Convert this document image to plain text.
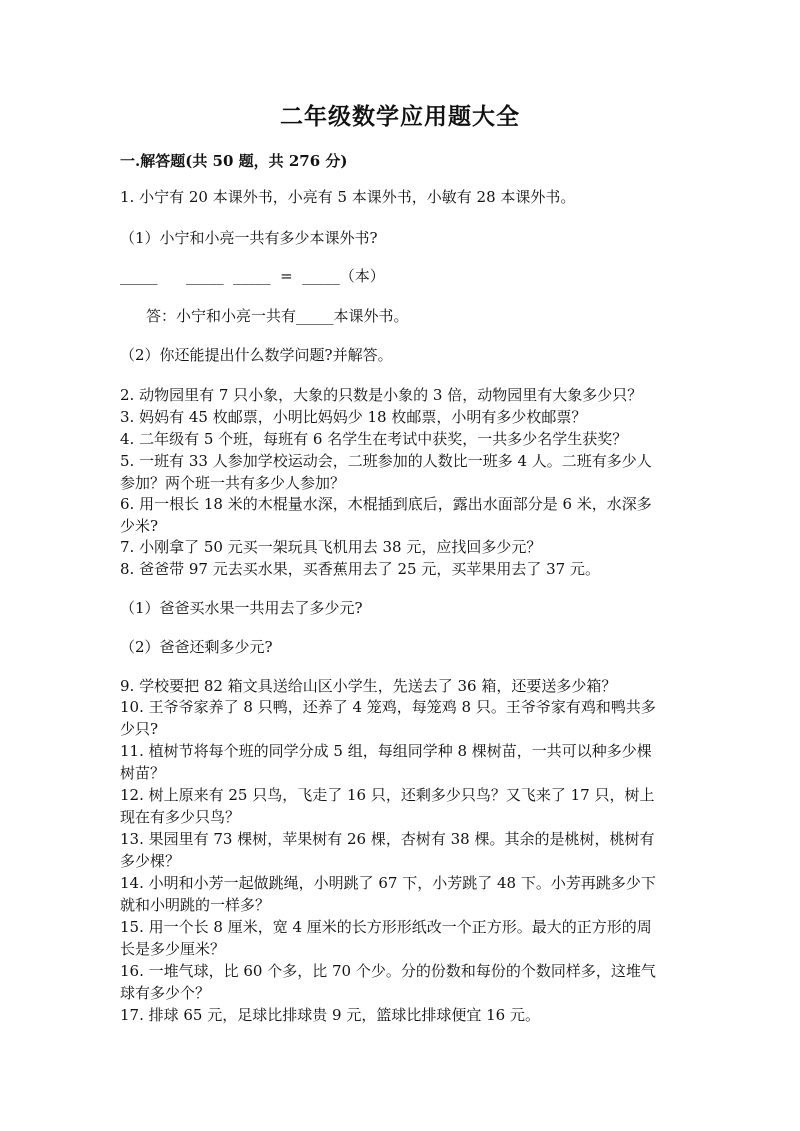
二年级数学应用题大全
一.解答题(共 50 题，共 276 分)
1. 小宁有 20 本课外书，小亮有 5 本课外书，小敏有 28 本课外书。
（1）小宁和小亮一共有多少本课外书?
_____      _____  _____  =  _____（本）
答：小宁和小亮一共有_____本课外书。
（2）你还能提出什么数学问题?并解答。
2. 动物园里有 7 只小象，大象的只数是小象的 3 倍，动物园里有大象多少只？
3. 妈妈有 45 枚邮票，小明比妈妈少 18 枚邮票，小明有多少枚邮票？
4. 二年级有 5 个班，每班有 6 名学生在考试中获奖，一共多少名学生获奖？
5. 一班有 33 人参加学校运动会，二班参加的人数比一班多 4 人。二班有多少人
参加？两个班一共有多少人参加？
6. 用一根长 18 米的木棍量水深，木棍插到底后，露出水面部分是 6 米，水深多
少米?
7. 小刚拿了 50 元买一架玩具飞机用去 38 元，应找回多少元？
8. 爸爸带 97 元去买水果，买香蕉用去了 25 元，买苹果用去了 37 元。
（1）爸爸买水果一共用去了多少元?
（2）爸爸还剩多少元?
9. 学校要把 82 箱文具送给山区小学生，先送去了 36 箱，还要送多少箱？
10. 王爷爷家养了 8 只鸭，还养了 4 笼鸡，每笼鸡 8 只。王爷爷家有鸡和鸭共多
少只?
11. 植树节将每个班的同学分成 5 组，每组同学种 8 棵树苗，一共可以种多少棵
树苗？
12. 树上原来有 25 只鸟，飞走了 16 只，还剩多少只鸟？又飞来了 17 只，树上
现在有多少只鸟？
13. 果园里有 73 棵树，苹果树有 26 棵，杏树有 38 棵。其余的是桃树，桃树有
多少棵？
14. 小明和小芳一起做跳绳，小明跳了 67 下，小芳跳了 48 下。小芳再跳多少下
就和小明跳的一样多？
15. 用一个长 8 厘米，宽 4 厘米的长方形形纸改一个正方形。最大的正方形的周
长是多少厘米？
16. 一堆气球，比 60 个多，比 70 个少。分的份数和每份的个数同样多，这堆气
球有多少个？
17. 排球 65 元，足球比排球贵 9 元，篮球比排球便宜 16 元。
